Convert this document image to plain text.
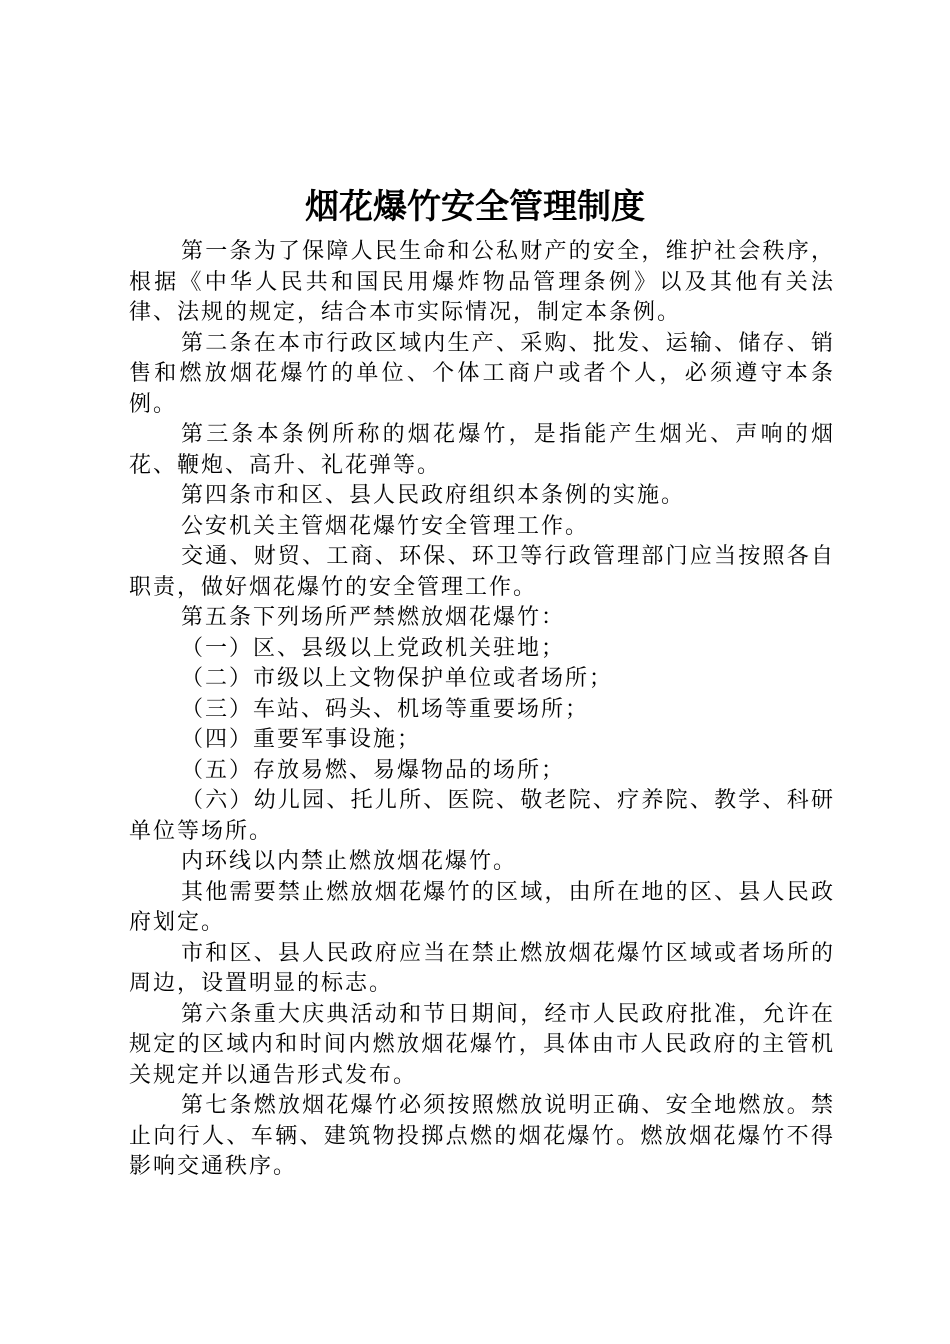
烟花爆竹安全管理制度

第一条为了保障人民生命和公私财产的安全，维护社会秩序，根据《中华人民共和国民用爆炸物品管理条例》以及其他有关法律、法规的规定，结合本市实际情况，制定本条例。

第二条在本市行政区域内生产、采购、批发、运输、储存、销售和燃放烟花爆竹的单位、个体工商户或者个人，必须遵守本条例。

第三条本条例所称的烟花爆竹，是指能产生烟光、声响的烟花、鞭炮、高升、礼花弹等。

第四条市和区、县人民政府组织本条例的实施。

公安机关主管烟花爆竹安全管理工作。

交通、财贸、工商、环保、环卫等行政管理部门应当按照各自职责，做好烟花爆竹的安全管理工作。

第五条下列场所严禁燃放烟花爆竹：

（一）区、县级以上党政机关驻地；

（二）市级以上文物保护单位或者场所；

（三）车站、码头、机场等重要场所；

（四）重要军事设施；

（五）存放易燃、易爆物品的场所；

（六）幼儿园、托儿所、医院、敬老院、疗养院、教学、科研单位等场所。

内环线以内禁止燃放烟花爆竹。

其他需要禁止燃放烟花爆竹的区域，由所在地的区、县人民政府划定。

市和区、县人民政府应当在禁止燃放烟花爆竹区域或者场所的周边，设置明显的标志。

第六条重大庆典活动和节日期间，经市人民政府批准，允许在规定的区域内和时间内燃放烟花爆竹，具体由市人民政府的主管机关规定并以通告形式发布。

第七条燃放烟花爆竹必须按照燃放说明正确、安全地燃放。禁止向行人、车辆、建筑物投掷点燃的烟花爆竹。燃放烟花爆竹不得影响交通秩序。
